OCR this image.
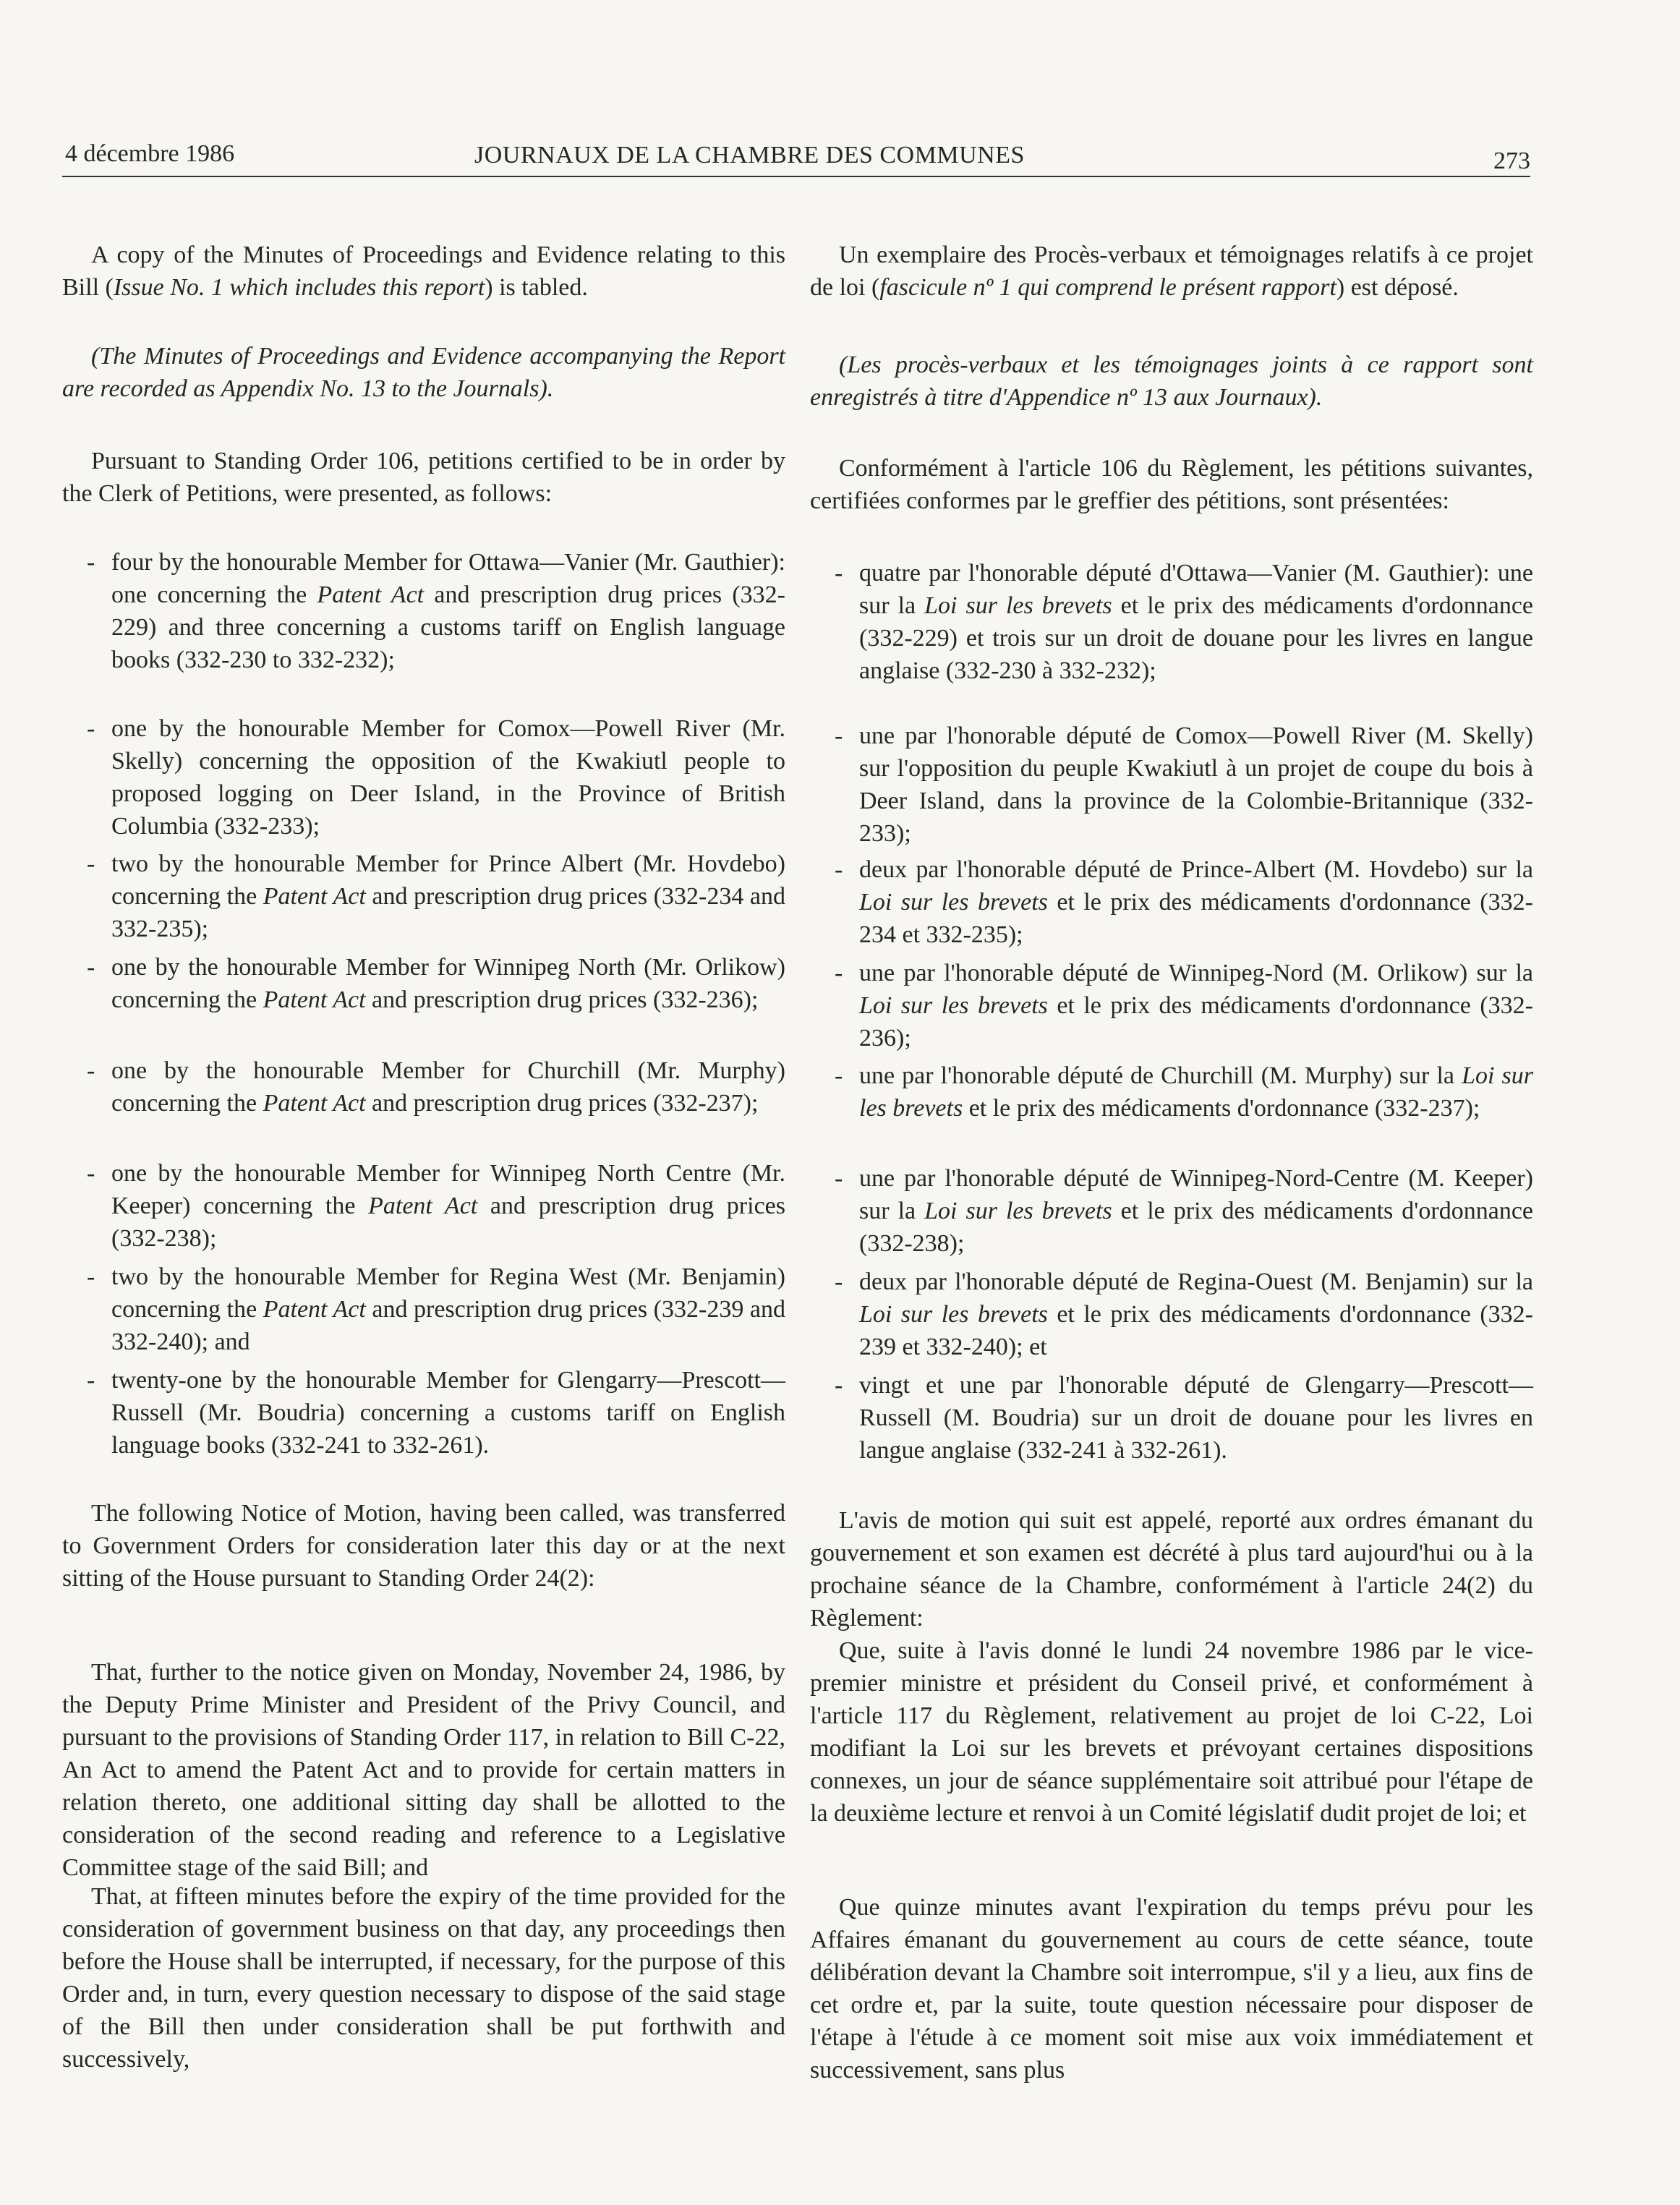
4 décembre 1986	JOURNAUX DE LA CHAMBRE DES COMMUNES	273

A copy of the Minutes of Proceedings and Evidence relating to this Bill (Issue No. 1 which includes this report) is tabled.

(The Minutes of Proceedings and Evidence accompanying the Report are recorded as Appendix No. 13 to the Journals).

Pursuant to Standing Order 106, petitions certified to be in order by the Clerk of Petitions, were presented, as follows:

- four by the honourable Member for Ottawa—Vanier (Mr. Gauthier): one concerning the Patent Act and prescription drug prices (332-229) and three concerning a customs tariff on English language books (332-230 to 332-232);
- one by the honourable Member for Comox—Powell River (Mr. Skelly) concerning the opposition of the Kwakiutl people to proposed logging on Deer Island, in the Province of British Columbia (332-233);
- two by the honourable Member for Prince Albert (Mr. Hovdebo) concerning the Patent Act and prescription drug prices (332-234 and 332-235);
- one by the honourable Member for Winnipeg North (Mr. Orlikow) concerning the Patent Act and prescription drug prices (332-236);
- one by the honourable Member for Churchill (Mr. Murphy) concerning the Patent Act and prescription drug prices (332-237);
- one by the honourable Member for Winnipeg North Centre (Mr. Keeper) concerning the Patent Act and prescription drug prices (332-238);
- two by the honourable Member for Regina West (Mr. Benjamin) concerning the Patent Act and prescription drug prices (332-239 and 332-240); and
- twenty-one by the honourable Member for Glengarry—Prescott—Russell (Mr. Boudria) concerning a customs tariff on English language books (332-241 to 332-261).

The following Notice of Motion, having been called, was transferred to Government Orders for consideration later this day or at the next sitting of the House pursuant to Standing Order 24(2):

That, further to the notice given on Monday, November 24, 1986, by the Deputy Prime Minister and President of the Privy Council, and pursuant to the provisions of Standing Order 117, in relation to Bill C-22, An Act to amend the Patent Act and to provide for certain matters in relation thereto, one additional sitting day shall be allotted to the consideration of the second reading and reference to a Legislative Committee stage of the said Bill; and

That, at fifteen minutes before the expiry of the time provided for the consideration of government business on that day, any proceedings then before the House shall be interrupted, if necessary, for the purpose of this Order and, in turn, every question necessary to dispose of the said stage of the Bill then under consideration shall be put forthwith and successively,

Un exemplaire des Procès-verbaux et témoignages relatifs à ce projet de loi (fascicule nº 1 qui comprend le présent rapport) est déposé.

(Les procès-verbaux et les témoignages joints à ce rapport sont enregistrés à titre d'Appendice nº 13 aux Journaux).

Conformément à l'article 106 du Règlement, les pétitions suivantes, certifiées conformes par le greffier des pétitions, sont présentées:

- quatre par l'honorable député d'Ottawa—Vanier (M. Gauthier): une sur la Loi sur les brevets et le prix des médicaments d'ordonnance (332-229) et trois sur un droit de douane pour les livres en langue anglaise (332-230 à 332-232);
- une par l'honorable député de Comox—Powell River (M. Skelly) sur l'opposition du peuple Kwakiutl à un projet de coupe du bois à Deer Island, dans la province de la Colombie-Britannique (332-233);
- deux par l'honorable député de Prince-Albert (M. Hovdebo) sur la Loi sur les brevets et le prix des médicaments d'ordonnance (332-234 et 332-235);
- une par l'honorable député de Winnipeg-Nord (M. Orlikow) sur la Loi sur les brevets et le prix des médicaments d'ordonnance (332-236);
- une par l'honorable député de Churchill (M. Murphy) sur la Loi sur les brevets et le prix des médicaments d'ordonnance (332-237);
- une par l'honorable député de Winnipeg-Nord-Centre (M. Keeper) sur la Loi sur les brevets et le prix des médicaments d'ordonnance (332-238);
- deux par l'honorable député de Regina-Ouest (M. Benjamin) sur la Loi sur les brevets et le prix des médicaments d'ordonnance (332-239 et 332-240); et
- vingt et une par l'honorable député de Glengarry—Prescott—Russell (M. Boudria) sur un droit de douane pour les livres en langue anglaise (332-241 à 332-261).

L'avis de motion qui suit est appelé, reporté aux ordres émanant du gouvernement et son examen est décrété à plus tard aujourd'hui ou à la prochaine séance de la Chambre, conformément à l'article 24(2) du Règlement:

Que, suite à l'avis donné le lundi 24 novembre 1986 par le vice-premier ministre et président du Conseil privé, et conformément à l'article 117 du Règlement, relativement au projet de loi C-22, Loi modifiant la Loi sur les brevets et prévoyant certaines dispositions connexes, un jour de séance supplémentaire soit attribué pour l'étape de la deuxième lecture et renvoi à un Comité législatif dudit projet de loi; et

Que quinze minutes avant l'expiration du temps prévu pour les Affaires émanant du gouvernement au cours de cette séance, toute délibération devant la Chambre soit interrompue, s'il y a lieu, aux fins de cet ordre et, par la suite, toute question nécessaire pour disposer de l'étape à l'étude à ce moment soit mise aux voix immédiatement et successivement, sans plus
